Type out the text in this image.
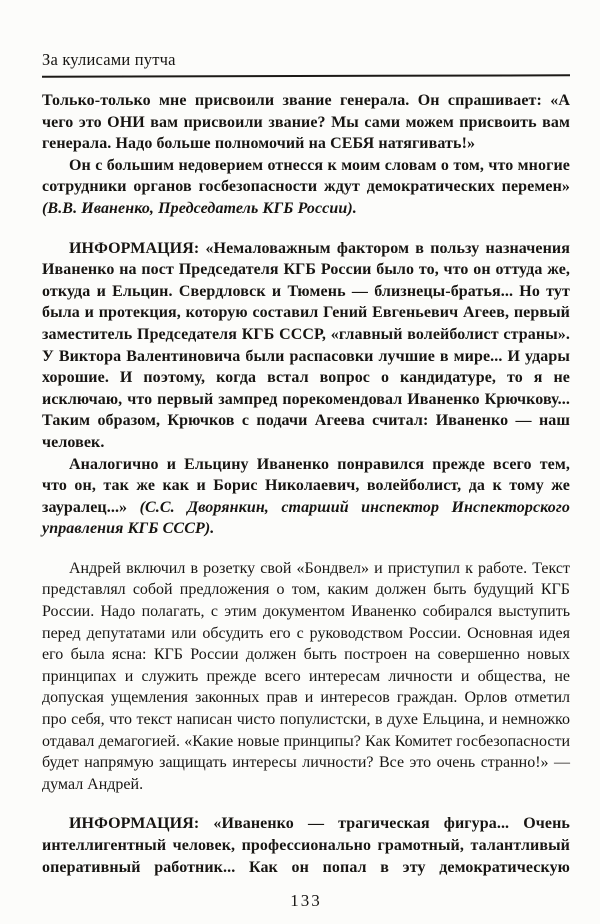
За кулисами путча

Только-только мне присвоили звание генерала. Он спрашивает: «А чего это ОНИ вам присвоили звание? Мы сами можем присвоить вам генерала. Надо больше полномочий на СЕБЯ натягивать!»

Он с большим недоверием отнесся к моим словам о том, что многие сотрудники органов госбезопасности ждут демократических перемен» (В.В. Иваненко, Председатель КГБ России).

ИНФОРМАЦИЯ: «Немаловажным фактором в пользу назначения Иваненко на пост Председателя КГБ России было то, что он оттуда же, откуда и Ельцин. Свердловск и Тюмень — близнецы-братья... Но тут была и протекция, которую составил Гений Евгеньевич Агеев, первый заместитель Председателя КГБ СССР, «главный волейболист страны». У Виктора Валентиновича были распасовки лучшие в мире... И удары хорошие. И поэтому, когда встал вопрос о кандидатуре, то я не исключаю, что первый зампред порекомендовал Иваненко Крючкову... Таким образом, Крючков с подачи Агеева считал: Иваненко — наш человек.

Аналогично и Ельцину Иваненко понравился прежде всего тем, что он, так же как и Борис Николаевич, волейболист, да к тому же зауралец...» (С.С. Дворянкин, старший инспектор Инспекторского управления КГБ СССР).

Андрей включил в розетку свой «Бондвел» и приступил к работе. Текст представлял собой предложения о том, каким должен быть будущий КГБ России. Надо полагать, с этим документом Иваненко собирался выступить перед депутатами или обсудить его с руководством России. Основная идея его была ясна: КГБ России должен быть построен на совершенно новых принципах и служить прежде всего интересам личности и общества, не допуская ущемления законных прав и интересов граждан. Орлов отметил про себя, что текст написан чисто популистски, в духе Ельцина, и немножко отдавал демагогией. «Какие новые принципы? Как Комитет госбезопасности будет напрямую защищать интересы личности? Все это очень странно!» — думал Андрей.

ИНФОРМАЦИЯ: «Иваненко — трагическая фигура... Очень интеллигентный человек, профессионально грамотный, талантливый оперативный работник... Как он попал в эту демократическую

133
